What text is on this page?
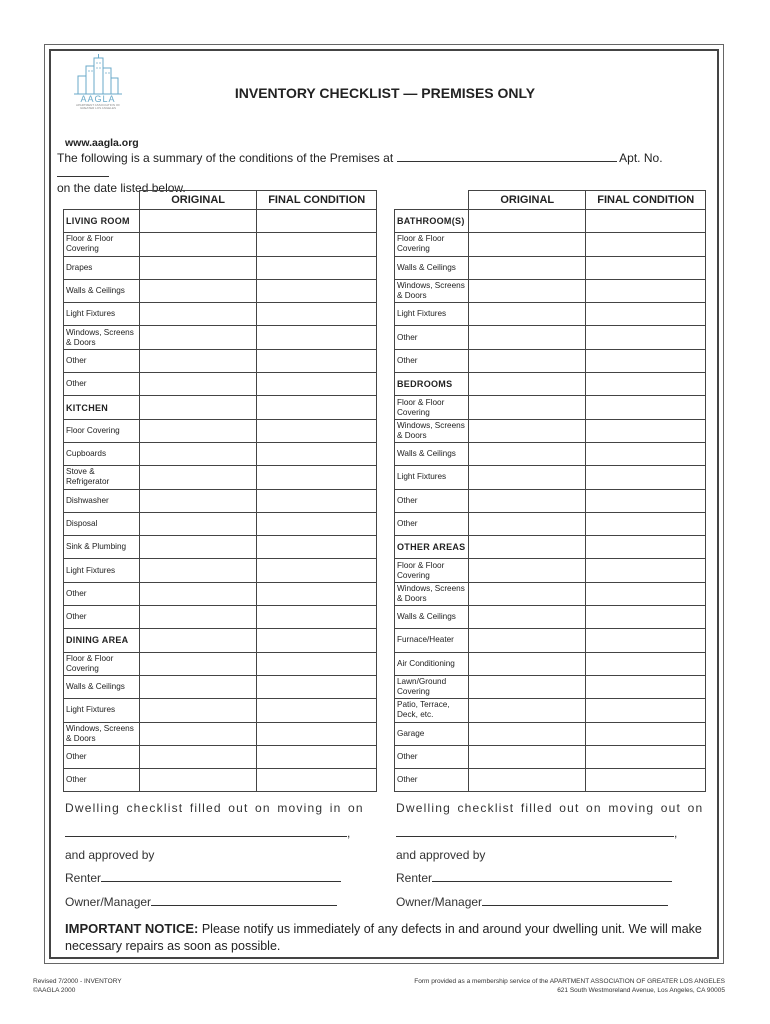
AAGLA
APARTMENT ASSOCIATION OF GREATER LOS ANGELES
INVENTORY CHECKLIST — PREMISES ONLY
www.aagla.org
The following is a summary of the conditions of the Premises at	Apt. No.
on the date listed below.
	ORIGINAL	FINAL CONDITION
LIVING ROOM		
Floor & Floor Covering		
Drapes		
Walls & Ceilings		
Light Fixtures		
Windows, Screens & Doors		
Other		
Other		
KITCHEN		
Floor Covering		
Cupboards		
Stove & Refrigerator		
Dishwasher		
Disposal		
Sink & Plumbing		
Light Fixtures		
Other		
Other		
DINING AREA		
Floor & Floor Covering		
Walls & Ceilings		
Light Fixtures		
Windows, Screens & Doors		
Other		
Other		
	ORIGINAL	FINAL CONDITION
BATHROOM(S)		
Floor & Floor Covering		
Walls & Ceilings		
Windows, Screens & Doors		
Light Fixtures		
Other		
Other		
BEDROOMS		
Floor & Floor Covering		
Windows, Screens & Doors		
Walls & Ceilings		
Light Fixtures		
Other		
Other		
OTHER AREAS		
Floor & Floor Covering		
Windows, Screens & Doors		
Walls & Ceilings		
Furnace/Heater		
Air Conditioning		
Lawn/Ground Covering		
Patio, Terrace, Deck, etc.		
Garage		
Other		
Other		
Dwelling checklist filled out on moving in on
,
and approved by
Renter
Owner/Manager
Dwelling checklist filled out on moving out on
,
and approved by
Renter
Owner/Manager
IMPORTANT NOTICE: Please notify us immediately of any defects in and around your dwelling unit. We will make necessary repairs as soon as possible.
Revised 7/2000 - INVENTORY
©AAGLA 2000
Form provided as a membership service of the APARTMENT ASSOCIATION OF GREATER LOS ANGELES
621 South Westmoreland Avenue, Los Angeles, CA 90005
